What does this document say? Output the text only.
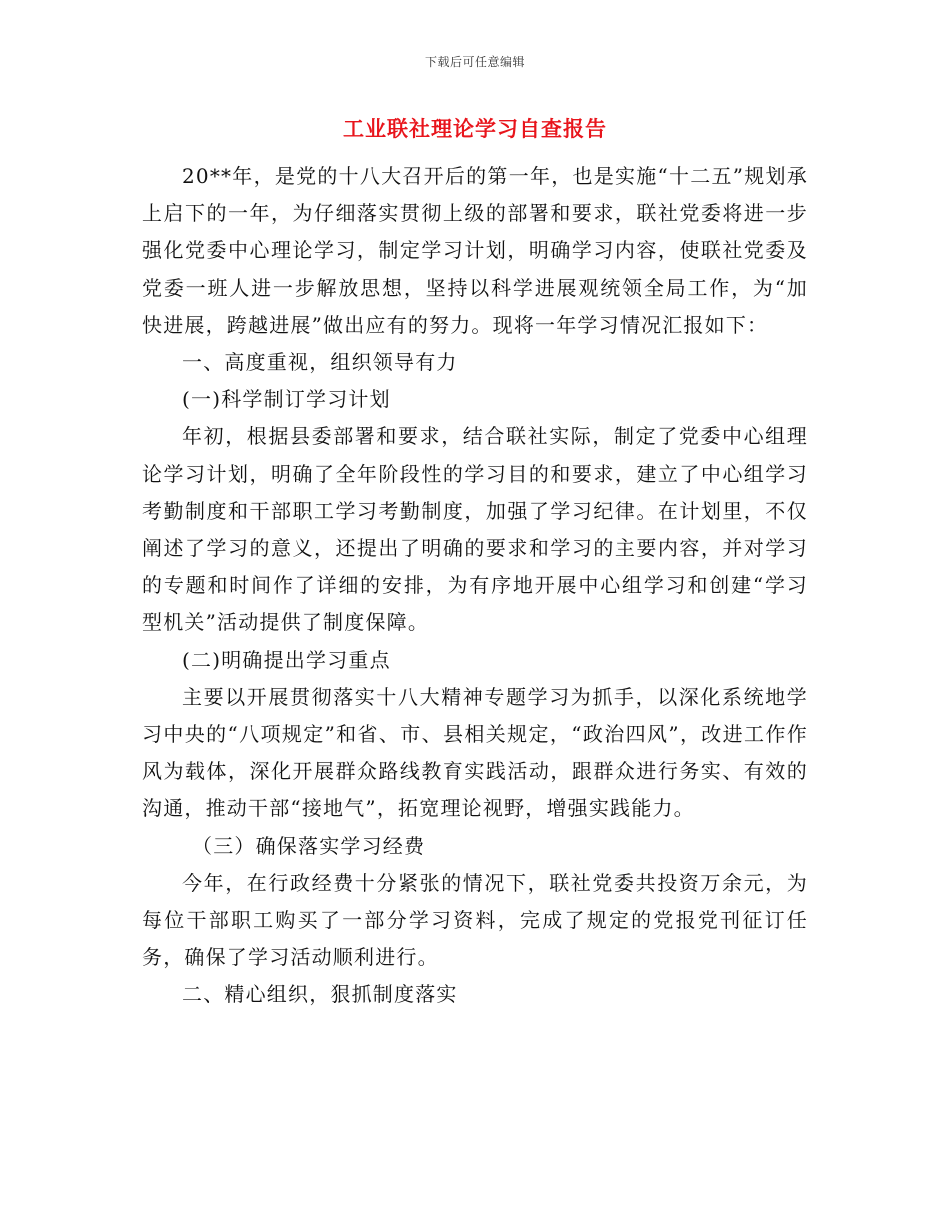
下载后可任意编辑
工业联社理论学习自查报告

20**年，是党的十八大召开后的第一年，也是实施“十二五”规划承上启下的一年，为仔细落实贯彻上级的部署和要求，联社党委将进一步强化党委中心理论学习，制定学习计划，明确学习内容，使联社党委及党委一班人进一步解放思想，坚持以科学进展观统领全局工作，为“加快进展，跨越进展”做出应有的努力。现将一年学习情况汇报如下：

一、高度重视，组织领导有力

(一)科学制订学习计划

年初，根据县委部署和要求，结合联社实际，制定了党委中心组理论学习计划，明确了全年阶段性的学习目的和要求，建立了中心组学习考勤制度和干部职工学习考勤制度，加强了学习纪律。在计划里，不仅阐述了学习的意义，还提出了明确的要求和学习的主要内容，并对学习的专题和时间作了详细的安排，为有序地开展中心组学习和创建“学习型机关”活动提供了制度保障。

(二)明确提出学习重点

主要以开展贯彻落实十八大精神专题学习为抓手，以深化系统地学习中央的“八项规定”和省、市、县相关规定，“政治四风”，改进工作作风为载体，深化开展群众路线教育实践活动，跟群众进行务实、有效的沟通，推动干部“接地气”，拓宽理论视野，增强实践能力。

（三）确保落实学习经费

今年，在行政经费十分紧张的情况下，联社党委共投资万余元，为每位干部职工购买了一部分学习资料，完成了规定的党报党刊征订任务，确保了学习活动顺利进行。

二、精心组织，狠抓制度落实
